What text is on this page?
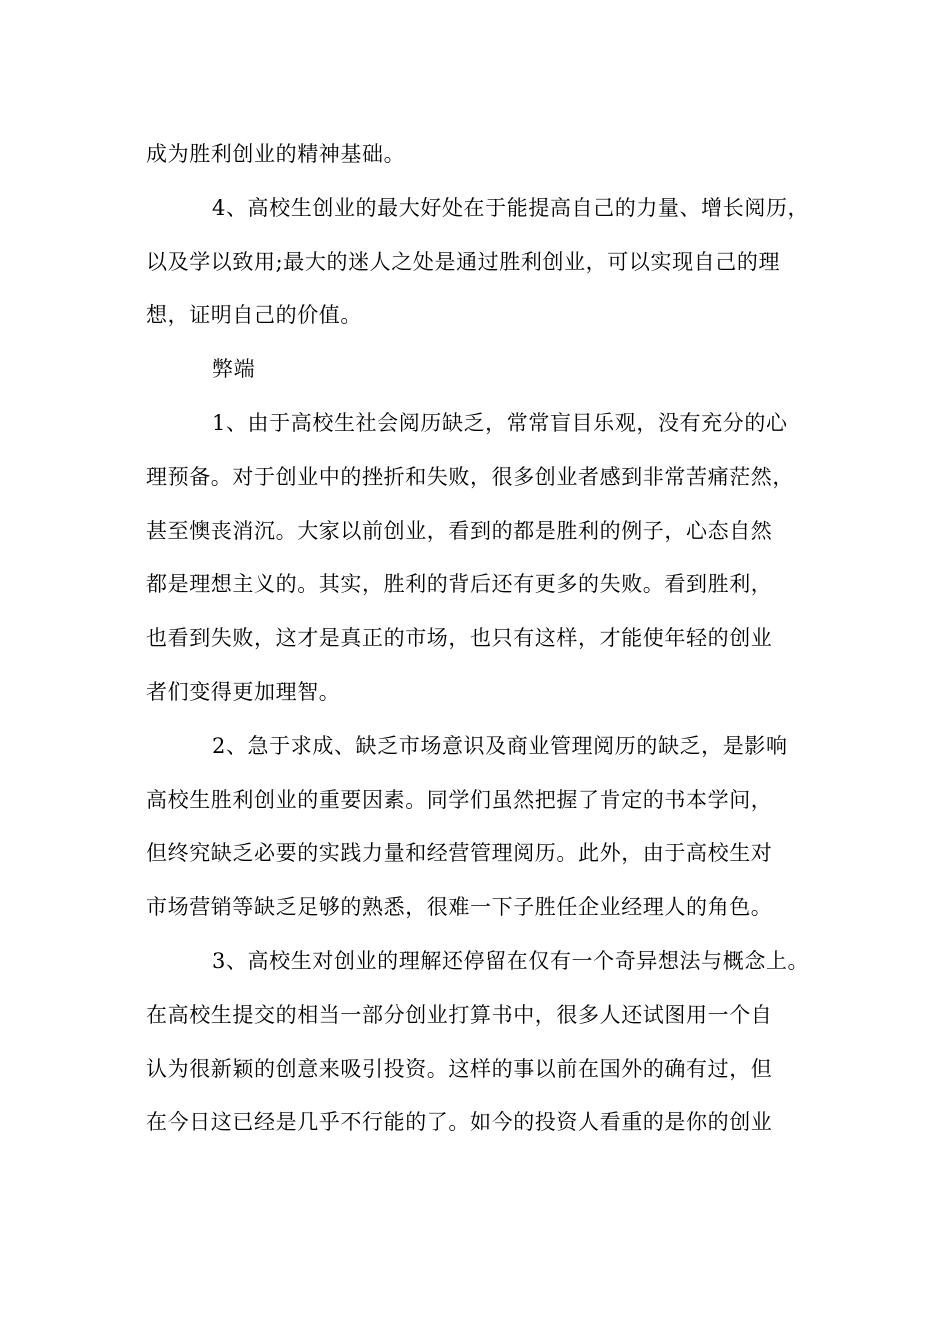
成为胜利创业的精神基础。
4、高校生创业的最大好处在于能提高自己的力量、增长阅历，
以及学以致用;最大的迷人之处是通过胜利创业，可以实现自己的理
想，证明自己的价值。
弊端
1、由于高校生社会阅历缺乏，常常盲目乐观，没有充分的心
理预备。对于创业中的挫折和失败，很多创业者感到非常苦痛茫然，
甚至懊丧消沉。大家以前创业，看到的都是胜利的例子，心态自然
都是理想主义的。其实，胜利的背后还有更多的失败。看到胜利，
也看到失败，这才是真正的市场，也只有这样，才能使年轻的创业
者们变得更加理智。
2、急于求成、缺乏市场意识及商业管理阅历的缺乏，是影响
高校生胜利创业的重要因素。同学们虽然把握了肯定的书本学问，
但终究缺乏必要的实践力量和经营管理阅历。此外，由于高校生对
市场营销等缺乏足够的熟悉，很难一下子胜任企业经理人的角色。
3、高校生对创业的理解还停留在仅有一个奇异想法与概念上。
在高校生提交的相当一部分创业打算书中，很多人还试图用一个自
认为很新颖的创意来吸引投资。这样的事以前在国外的确有过，但
在今日这已经是几乎不行能的了。如今的投资人看重的是你的创业
